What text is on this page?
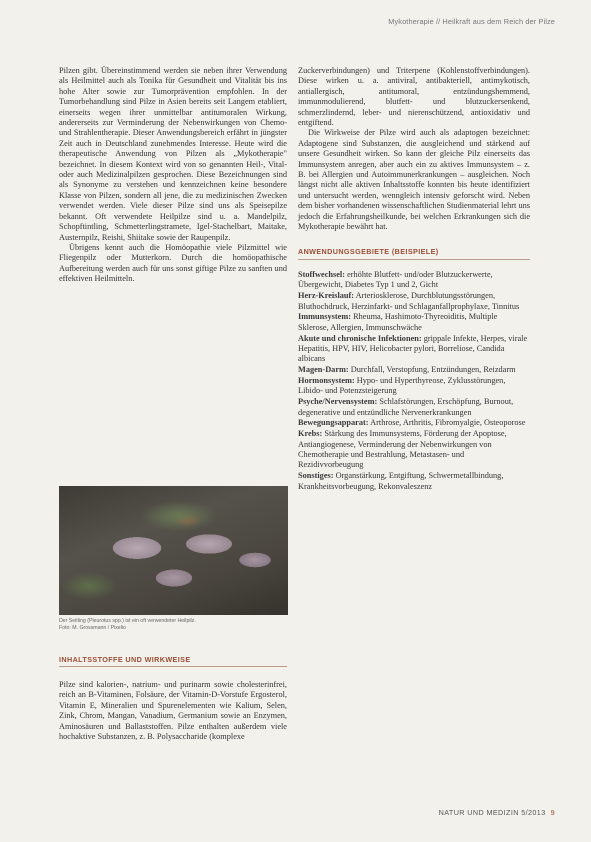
Mykotherapie // Heilkraft aus dem Reich der Pilze

Pilzen gibt. Übereinstimmend werden sie neben ihrer Verwendung als Heilmittel auch als Tonika für Gesundheit und Vitalität bis ins hohe Alter sowie zur Tumorprävention empfohlen. In der Tumorbehandlung sind Pilze in Asien bereits seit Langem etabliert, einerseits wegen ihrer unmittelbar antitumoralen Wirkung, andererseits zur Verminderung der Nebenwirkungen von Chemo- und Strahlentherapie. Dieser Anwendungsbereich erfährt in jüngster Zeit auch in Deutschland zunehmendes Interesse. Heute wird die therapeutische Anwendung von Pilzen als „Mykotherapie" bezeichnet. In diesem Kontext wird von so genannten Heil-, Vital- oder auch Medizinalpilzen gesprochen. Diese Bezeichnungen sind als Synonyme zu verstehen und kennzeichnen keine besondere Klasse von Pilzen, sondern all jene, die zu medizinischen Zwecken verwendet werden. Viele dieser Pilze sind uns als Speisepilze bekannt. Oft verwendete Heilpilze sind u. a. Mandelpilz, Schopftintling, Schmetterlingstramete, Igel-Stachelbart, Maitake, Austernpilz, Reishi, Shiitake sowie der Raupenpilz.

Übrigens kennt auch die Homöopathie viele Pilzmittel wie Fliegenpilz oder Mutterkorn. Durch die homöopathische Aufbereitung werden auch für uns sonst giftige Pilze zu sanften und effektiven Heilmitteln.

Der Seitling (Pleurotus spp.) ist ein oft verwendeter Heilpilz.
Foto: M. Grossmann / Pixelio
INHALTSSTOFFE UND WIRKWEISE

Pilze sind kalorien-, natrium- und purinarm sowie cholesterinfrei, reich an B-Vitaminen, Folsäure, der Vitamin-D-Vorstufe Ergosterol, Vitamin E, Mineralien und Spurenelementen wie Kalium, Selen, Zink, Chrom, Mangan, Vanadium, Germanium sowie an Enzymen, Aminosäuren und Ballaststoffen. Pilze enthalten außerdem viele hochaktive Substanzen, z. B. Polysaccharide (komplexe

Zuckerverbindungen) und Triterpene (Kohlenstoffverbindungen). Diese wirken u. a. antiviral, antibakteriell, antimykotisch, antiallergisch, antitumoral, entzündungshemmend, immunmodulierend, blutfett- und blutzuckersenkend, schmerzlindernd, leber- und nierenschützend, antioxidativ und entgiftend.

Die Wirkweise der Pilze wird auch als adaptogen bezeichnet: Adaptogene sind Substanzen, die ausgleichend und stärkend auf unsere Gesundheit wirken. So kann der gleiche Pilz einerseits das Immunsystem anregen, aber auch ein zu aktives Immunsystem – z. B. bei Allergien und Autoimmunerkrankungen – ausgleichen. Noch längst nicht alle aktiven Inhaltsstoffe konnten bis heute identifiziert und untersucht werden, wenngleich intensiv geforscht wird. Neben dem bisher vorhandenen wissenschaftlichen Studienmaterial lehrt uns jedoch die Erfahrungsheilkunde, bei welchen Erkrankungen sich die Mykotherapie bewährt hat.

ANWENDUNGSGEBIETE (BEISPIELE)
Stoffwechsel: erhöhte Blutfett- und/oder Blutzuckerwerte, Übergewicht, Diabetes Typ 1 und 2, Gicht
Herz-Kreislauf: Arteriosklerose, Durchblutungsstörungen, Bluthochdruck, Herzinfarkt- und Schlaganfallprophylaxe, Tinnitus
Immunsystem: Rheuma, Hashimoto-Thyreoiditis, Multiple Sklerose, Allergien, Immunschwäche
Akute und chronische Infektionen: grippale Infekte, Herpes, virale Hepatitis, HPV, HIV, Helicobacter pylori, Borreliose, Candida albicans
Magen-Darm: Durchfall, Verstopfung, Entzündungen, Reizdarm
Hormonsystem: Hypo- und Hyperthyreose, Zyklusstörungen, Libido- und Potenzsteigerung
Psyche/Nervensystem: Schlafstörungen, Erschöpfung, Burnout, degenerative und entzündliche Nervenerkrankungen
Bewegungsapparat: Arthrose, Arthritis, Fibromyalgie, Osteoporose
Krebs: Stärkung des Immunsystems, Förderung der Apoptose, Antiangiogenese, Verminderung der Nebenwirkungen von Chemotherapie und Bestrahlung, Metastasen- und Rezidivvorbeugung
Sonstiges: Organstärkung, Entgiftung, Schwermetallbindung, Krankheitsvorbeugung, Rekonvaleszenz
NATUR UND MEDIZIN 5/2013 9
